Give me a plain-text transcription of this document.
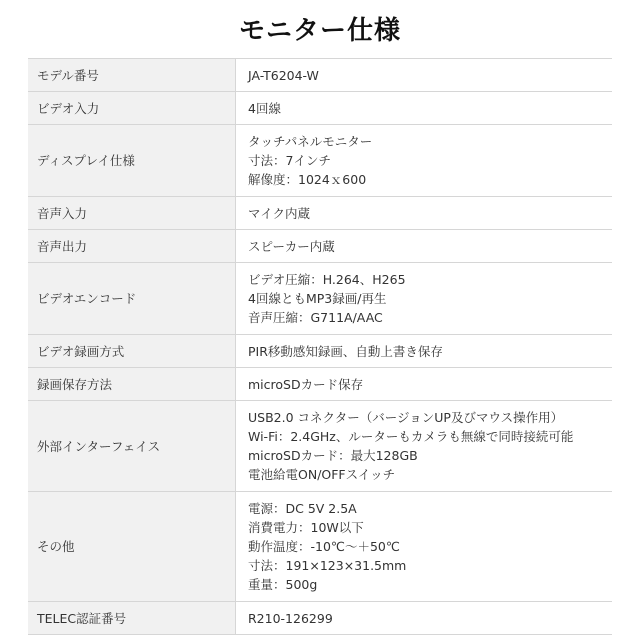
モニター仕様
モデル番号	JA-T6204-W

ビデオ入力	4回線

ディスプレイ仕様	タッチパネルモニター
寸法：7インチ
解像度：1024ｘ600

音声入力	マイク内蔵

音声出力	スピーカー内蔵

ビデオエンコード	ビデオ圧縮：H.264、H265
4回線ともMP3録画/再生
音声圧縮：G711A/AAC

ビデオ録画方式	PIR移動感知録画、自動上書き保存

録画保存方法	microSDカード保存

外部インターフェイス	USB2.0 コネクター（バージョンUP及びマウス操作用）
Wi-Fi：2.4GHz、ルーターもカメラも無線で同時接続可能
microSDカード：最大128GB
電池給電ON/OFFスイッチ

その他	電源：DC 5V 2.5A
消費電力：10W以下
動作温度：-10℃～＋50℃
寸法：191×123×31.5mm
重量：500g

TELEC認証番号	R210-126299
